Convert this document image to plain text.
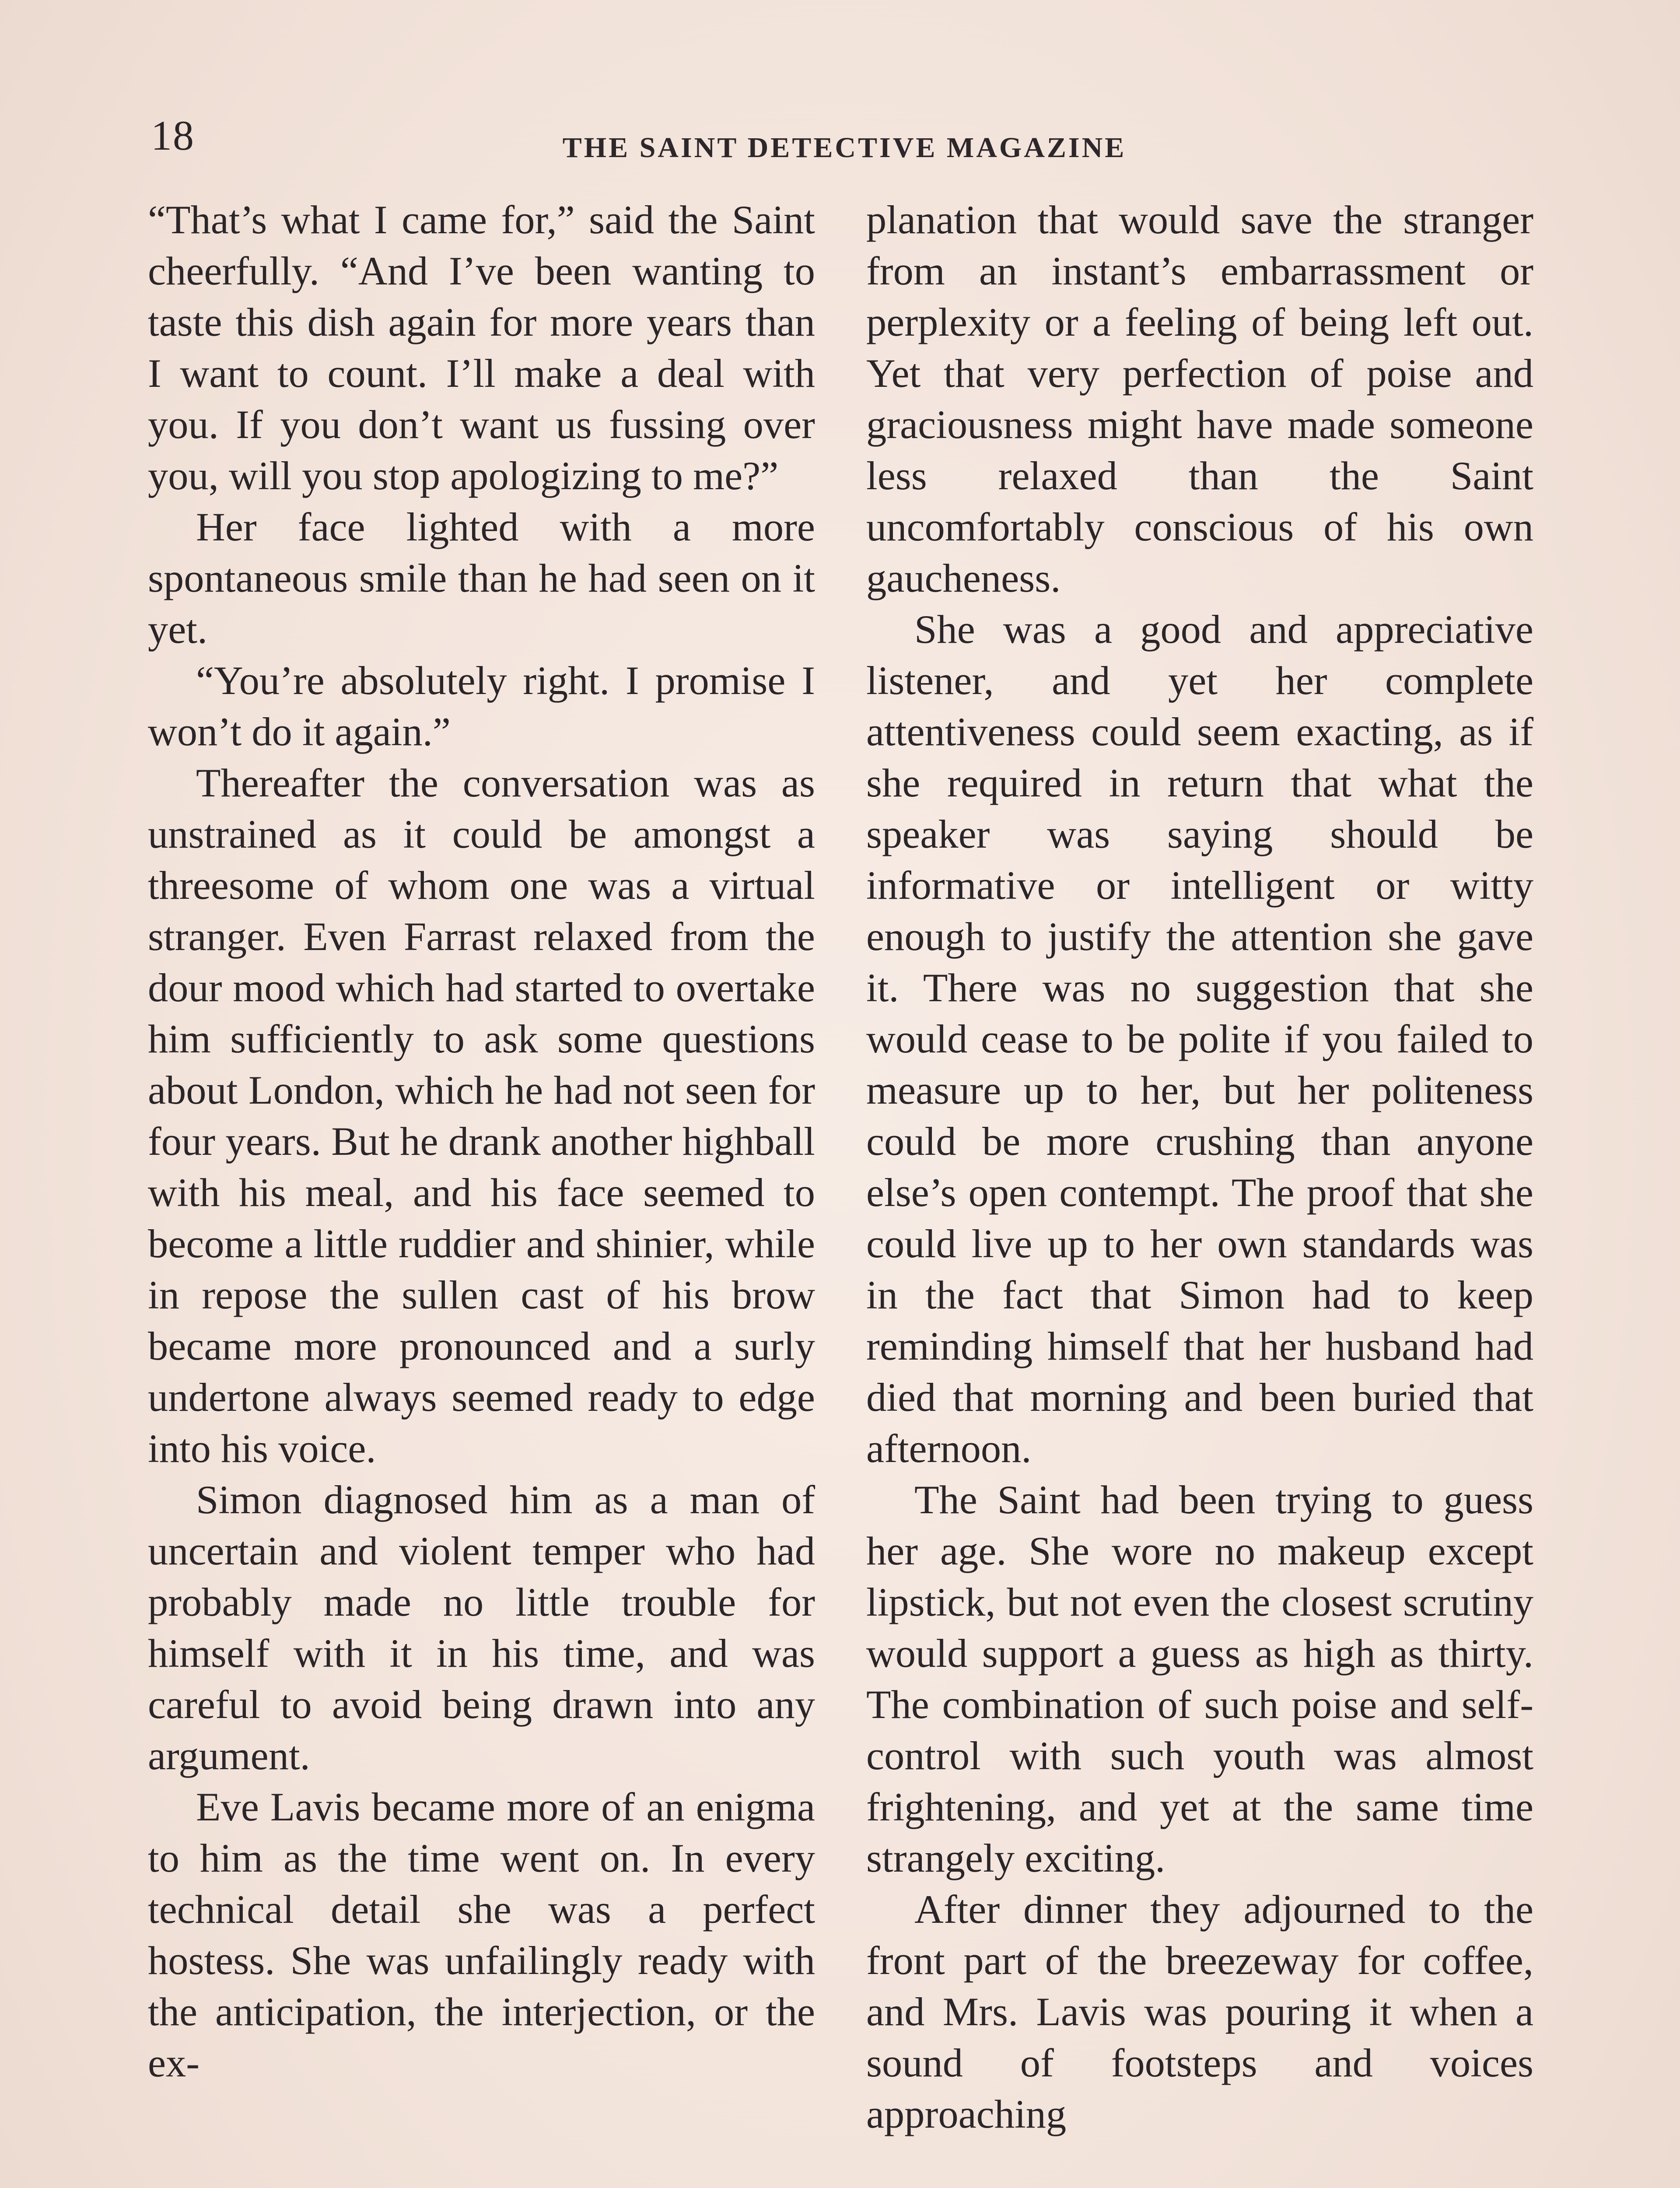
18	THE SAINT DETECTIVE MAGAZINE

“That’s what I came for,” said the Saint cheerfully. “And I’ve been wanting to taste this dish again for more years than I want to count. I’ll make a deal with you. If you don’t want us fussing over you, will you stop apologizing to me?”

Her face lighted with a more spontaneous smile than he had seen on it yet.

“You’re absolutely right. I promise I won’t do it again.”

Thereafter the conversation was as unstrained as it could be amongst a threesome of whom one was a virtual stranger. Even Farrast relaxed from the dour mood which had started to overtake him sufficiently to ask some questions about London, which he had not seen for four years. But he drank another highball with his meal, and his face seemed to become a little ruddier and shinier, while in repose the sullen cast of his brow became more pronounced and a surly undertone always seemed ready to edge into his voice.

Simon diagnosed him as a man of uncertain and violent temper who had probably made no little trouble for himself with it in his time, and was careful to avoid being drawn into any argument.

Eve Lavis became more of an enigma to him as the time went on. In every technical detail she was a perfect hostess. She was unfailingly ready with the anticipation, the interjection, or the ex-

planation that would save the stranger from an instant’s embarrassment or perplexity or a feeling of being left out. Yet that very perfection of poise and graciousness might have made someone less relaxed than the Saint uncomfortably conscious of his own gaucheness.

She was a good and appreciative listener, and yet her complete attentiveness could seem exacting, as if she required in return that what the speaker was saying should be informative or intelligent or witty enough to justify the attention she gave it. There was no suggestion that she would cease to be polite if you failed to measure up to her, but her politeness could be more crushing than anyone else’s open contempt. The proof that she could live up to her own standards was in the fact that Simon had to keep reminding himself that her husband had died that morning and been buried that afternoon.

The Saint had been trying to guess her age. She wore no makeup except lipstick, but not even the closest scrutiny would support a guess as high as thirty. The combination of such poise and self-control with such youth was almost frightening, and yet at the same time strangely exciting.

After dinner they adjourned to the front part of the breezeway for coffee, and Mrs. Lavis was pouring it when a sound of footsteps and voices approaching
